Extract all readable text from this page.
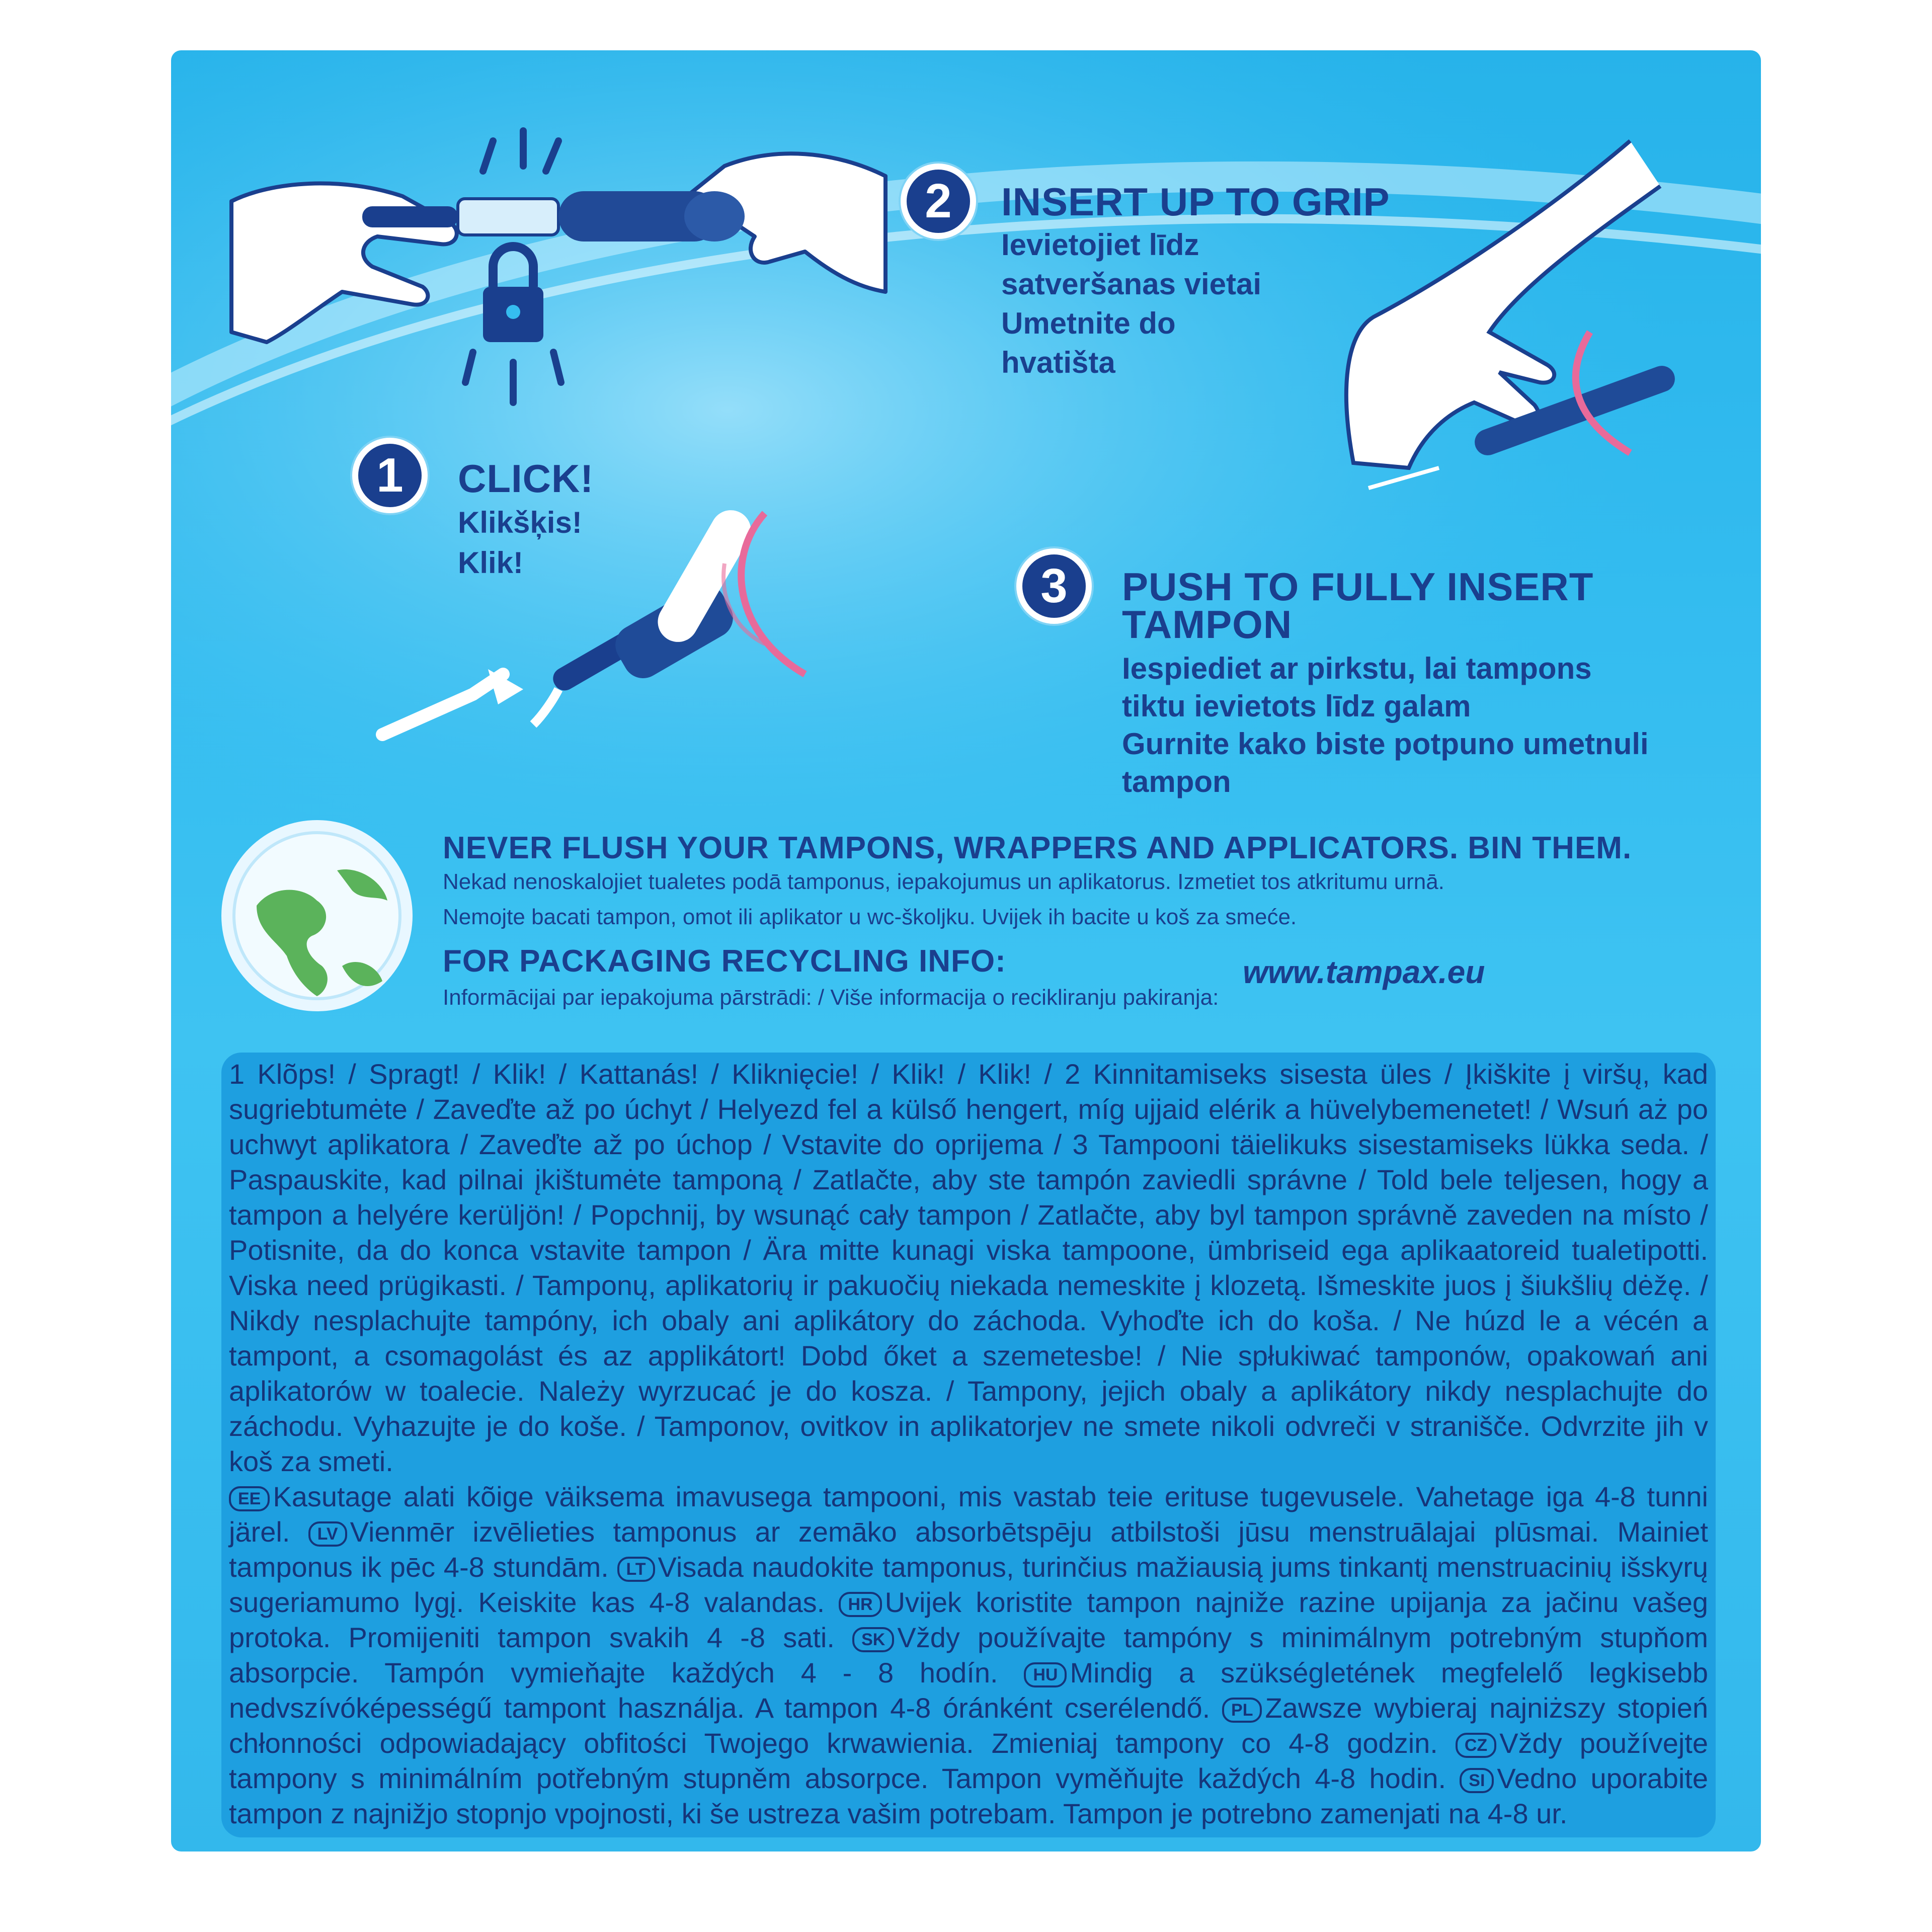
1	CLICK!
Klikšķis!
Klik!
2	INSERT UP TO GRIP
Ievietojiet līdz
satveršanas vietai
Umetnite do
hvatišta
3	PUSH TO FULLY INSERT
TAMPON
Iespiediet ar pirkstu, lai tampons
tiktu ievietots līdz galam
Gurnite kako biste potpuno umetnuli
tampon
NEVER FLUSH YOUR TAMPONS, WRAPPERS AND APPLICATORS. BIN THEM.
Nekad nenoskalojiet tualetes podā tamponus, iepakojumus un aplikatorus. Izmetiet tos atkritumu urnā.
Nemojte bacati tampon, omot ili aplikator u wc-školjku. Uvijek ih bacite u koš za smeće.
FOR PACKAGING RECYCLING INFO:
Informācijai par iepakojuma pārstrādi: / Više informacija o recikliranju pakiranja:
www.tampax.eu

1 Klõps! / Spragt! / Klik! / Kattanás! / Kliknięcie! / Klik! / Klik! / 2 Kinnitamiseks sisesta üles / Įkiškite į viršų, kad sugriebtumėte / Zaveďte až po úchyt / Helyezd fel a külső hengert, míg ujjaid elérik a hüvelybemenetet! / Wsuń aż po uchwyt aplikatora / Zaveďte až po úchop / Vstavite do oprijema / 3 Tampooni täielikuks sisestamiseks lükka seda. / Paspauskite, kad pilnai įkištumėte tamponą / Zatlačte, aby ste tampón zaviedli správne / Told bele teljesen, hogy a tampon a helyére kerüljön! / Popchnij, by wsunąć cały tampon / Zatlačte, aby byl tampon správně zaveden na místo / Potisnite, da do konca vstavite tampon / Ära mitte kunagi viska tampoone, ümbriseid ega aplikaatoreid tualetipotti. Viska need prügikasti. / Tamponų, aplikatorių ir pakuočių niekada nemeskite į klozetą. Išmeskite juos į šiukšlių dėžę. / Nikdy nesplachujte tampóny, ich obaly ani aplikátory do záchoda. Vyhoďte ich do koša. / Ne húzd le a vécén a tampont, a csomagolást és az applikátort! Dobd őket a szemetesbe! / Nie spłukiwać tamponów, opakowań ani aplikatorów w toalecie. Należy wyrzucać je do kosza. / Tampony, jejich obaly a aplikátory nikdy nesplachujte do záchodu. Vyhazujte je do koše. / Tamponov, ovitkov in aplikatorjev ne smete nikoli odvreči v stranišče. Odvrzite jih v koš za smeti.

EE Kasutage alati kõige väiksema imavusega tampooni, mis vastab teie erituse tugevusele. Vahetage iga 4-8 tunni järel. LV Vienmēr izvēlieties tamponus ar zemāko absorbētspēju atbilstoši jūsu menstruālajai plūsmai. Mainiet tamponus ik pēc 4-8 stundām. LT Visada naudokite tamponus, turinčius mažiausią jums tinkantį menstruacinių išskyrų sugeriamumo lygį. Keiskite kas 4-8 valandas. HR Uvijek koristite tampon najniže razine upijanja za jačinu vašeg protoka. Promijeniti tampon svakih 4 -8 sati. SK Vždy používajte tampóny s minimálnym potrebným stupňom absorpcie. Tampón vymieňajte každých 4 - 8 hodín. HU Mindig a szükségletének megfelelő legkisebb nedvszívóképességű tampont használja. A tampon 4-8 óránként cserélendő. PL Zawsze wybieraj najniższy stopień chłonności odpowiadający obfitości Twojego krwawienia. Zmieniaj tampony co 4-8 godzin. CZ Vždy používejte tampony s minimálním potřebným stupněm absorpce. Tampon vyměňujte každých 4-8 hodin. SI Vedno uporabite tampon z najnižjo stopnjo vpojnosti, ki še ustreza vašim potrebam. Tampon je potrebno zamenjati na 4-8 ur.
